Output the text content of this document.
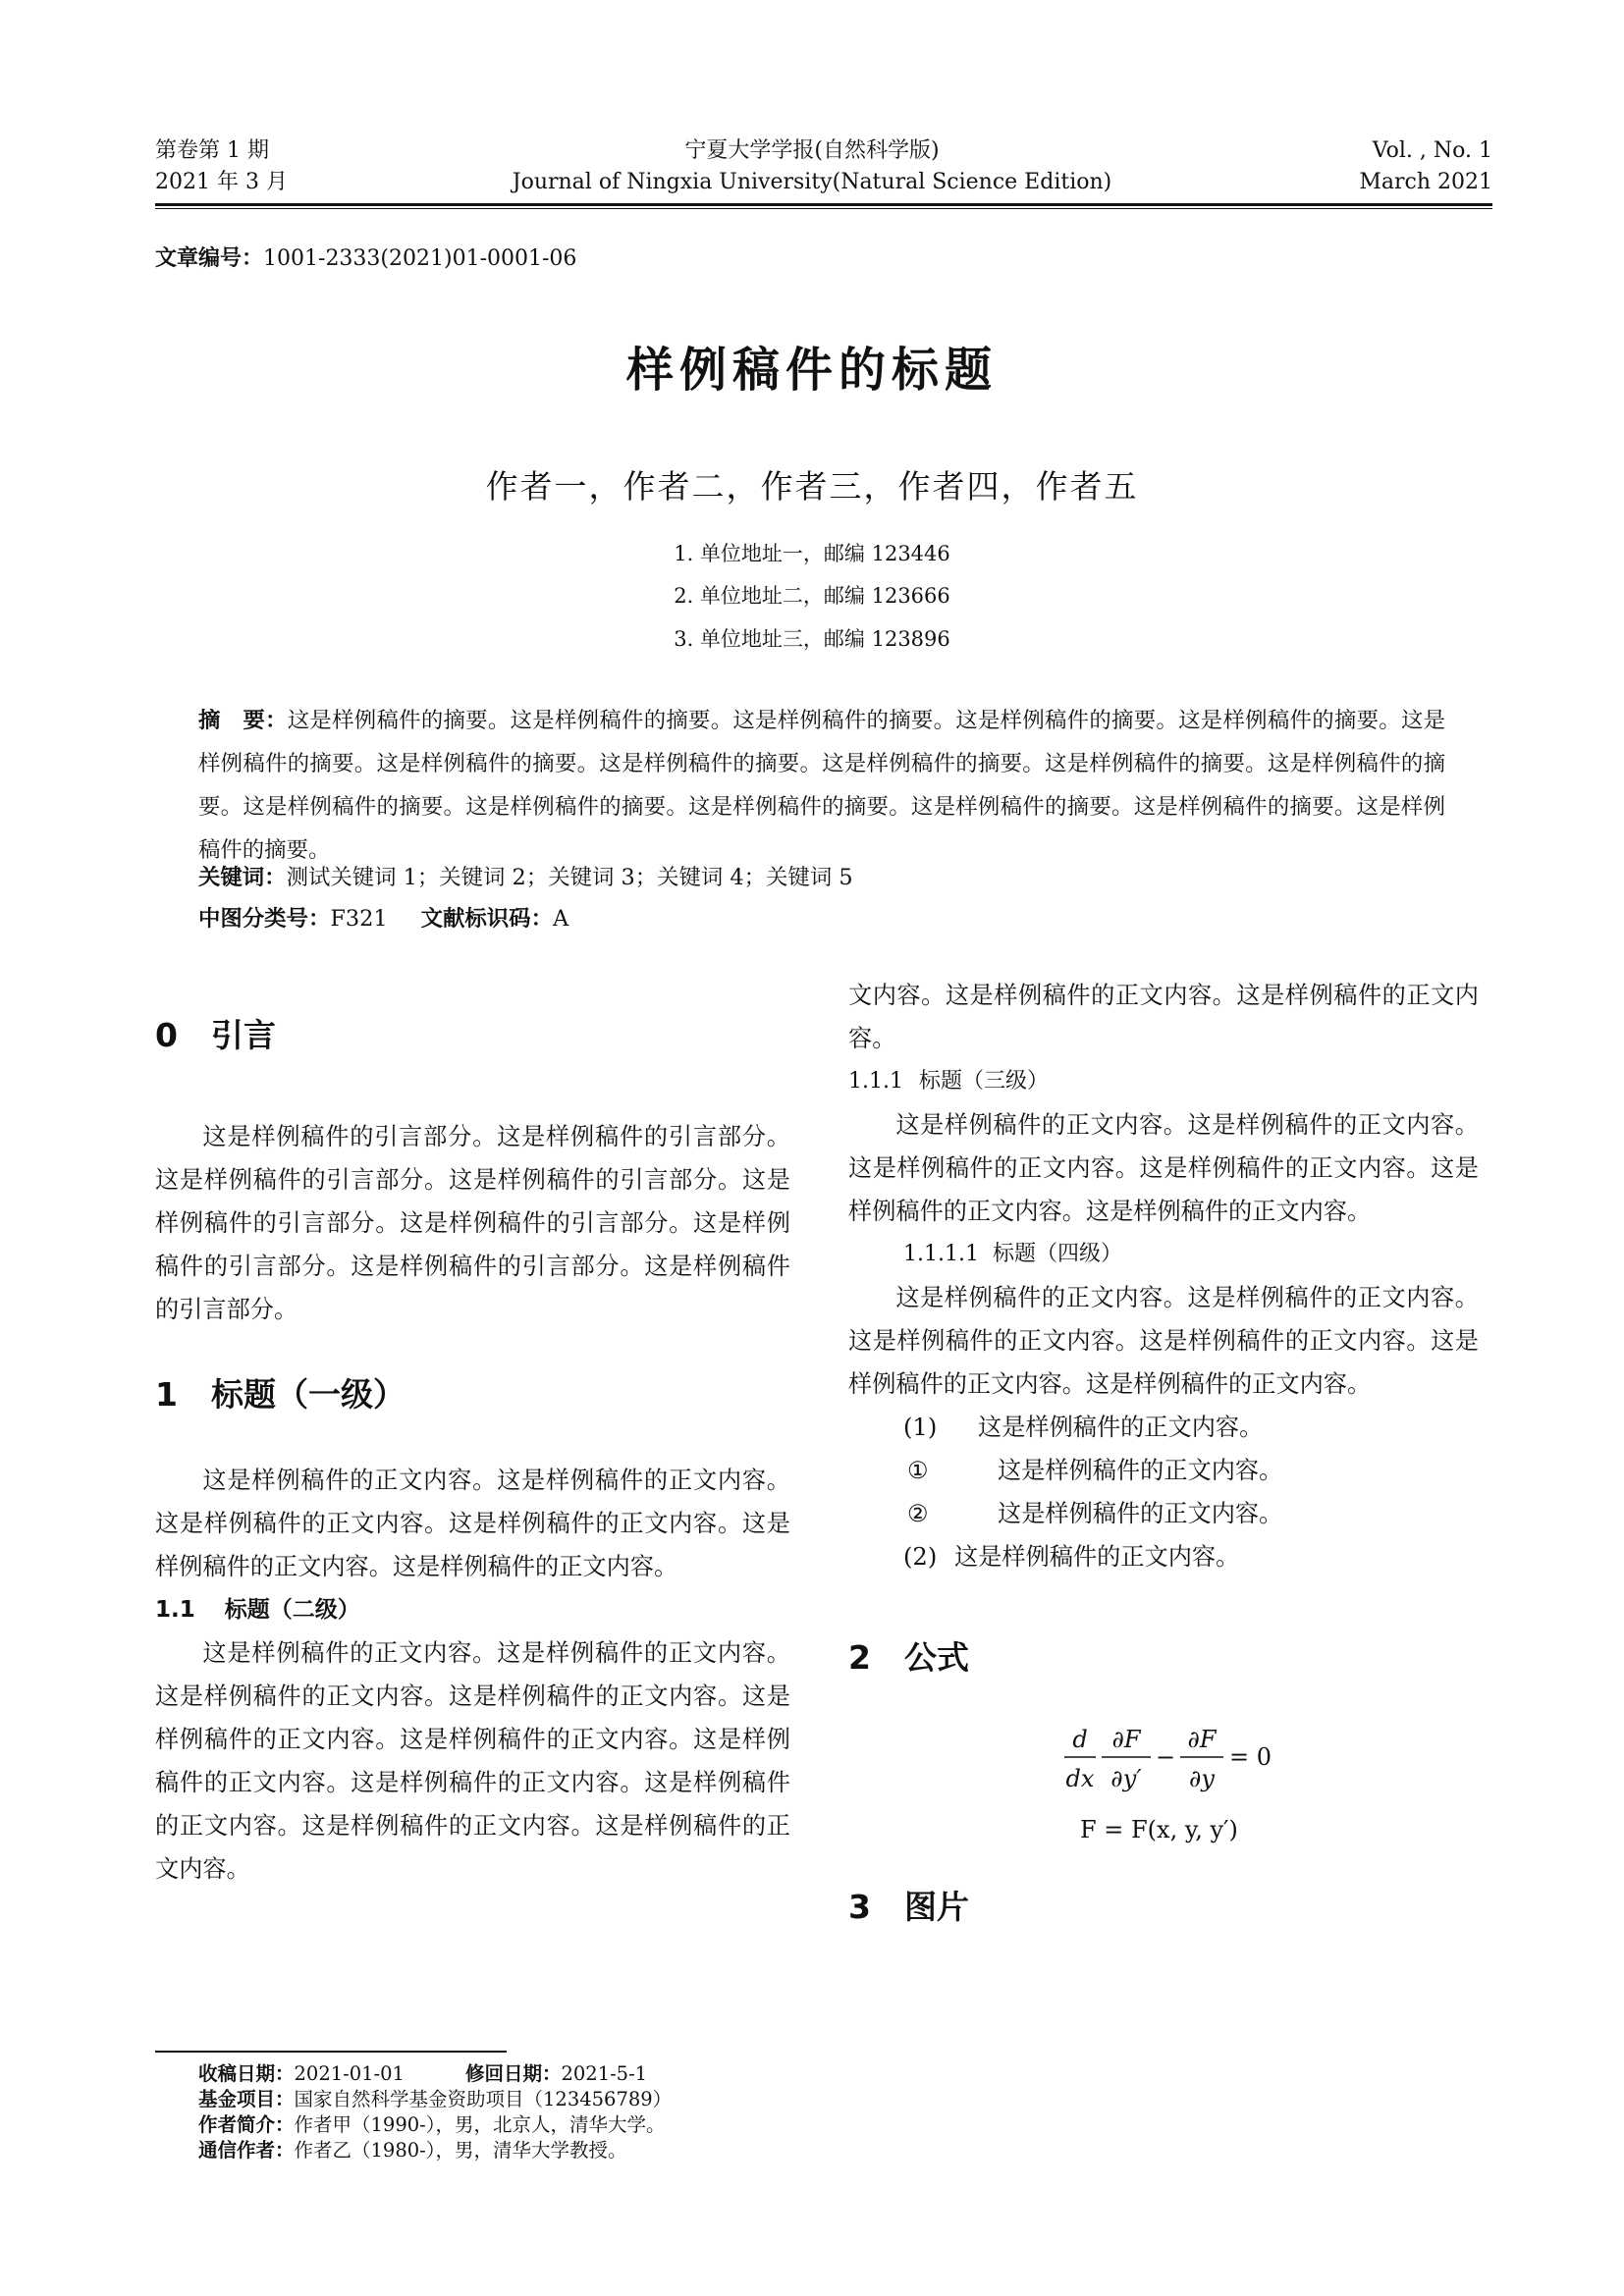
第卷第 1 期
2021 年 3 月
宁夏大学学报(自然科学版)
Journal of Ningxia University(Natural Science Edition)
Vol. , No. 1
March 2021
文章编号：1001-2333(2021)01-0001-06
样例稿件的标题
作者一，作者二，作者三，作者四，作者五
1. 单位地址一，邮编 123446
2. 单位地址二，邮编 123666
3. 单位地址三，邮编 123896
摘　要：这是样例稿件的摘要。这是样例稿件的摘要。这是样例稿件的摘要。这是样例稿件的摘要。这是样例稿件的摘要。这是样例稿件的摘要。这是样例稿件的摘要。这是样例稿件的摘要。这是样例稿件的摘要。这是样例稿件的摘要。这是样例稿件的摘要。这是样例稿件的摘要。这是样例稿件的摘要。这是样例稿件的摘要。这是样例稿件的摘要。这是样例稿件的摘要。这是样例稿件的摘要。
关键词：测试关键词 1；关键词 2；关键词 3；关键词 4；关键词 5
中图分类号：F321 文献标识码：A
0 引言

这是样例稿件的引言部分。这是样例稿件的引言部分。这是样例稿件的引言部分。这是样例稿件的引言部分。这是样例稿件的引言部分。这是样例稿件的引言部分。这是样例稿件的引言部分。这是样例稿件的引言部分。这是样例稿件的引言部分。

1 标题（一级）

这是样例稿件的正文内容。这是样例稿件的正文内容。这是样例稿件的正文内容。这是样例稿件的正文内容。这是样例稿件的正文内容。这是样例稿件的正文内容。

1.1 标题（二级）

这是样例稿件的正文内容。这是样例稿件的正文内容。这是样例稿件的正文内容。这是样例稿件的正文内容。这是样例稿件的正文内容。这是样例稿件的正文内容。这是样例稿件的正文内容。这是样例稿件的正文内容。这是样例稿件的正文内容。这是样例稿件的正文内容。这是样例稿件的正文内容。

文内容。这是样例稿件的正文内容。这是样例稿件的正文内容。

1.1.1 标题（三级）

这是样例稿件的正文内容。这是样例稿件的正文内容。这是样例稿件的正文内容。这是样例稿件的正文内容。这是样例稿件的正文内容。这是样例稿件的正文内容。

1.1.1.1 标题（四级）

这是样例稿件的正文内容。这是样例稿件的正文内容。这是样例稿件的正文内容。这是样例稿件的正文内容。这是样例稿件的正文内容。这是样例稿件的正文内容。

(1)	这是样例稿件的正文内容。
①	这是样例稿件的正文内容。
②	这是样例稿件的正文内容。
(2) 这是样例稿件的正文内容。
2 公式
d
dx
∂F
∂y′
−
∂F
∂y
= 0
F = F(x, y, y′)
3 图片
收稿日期：2021-01-01	修回日期：2021-5-1
基金项目：国家自然科学基金资助项目（123456789）
作者简介：作者甲（1990-），男，北京人，清华大学。
通信作者：作者乙（1980-），男，清华大学教授。
